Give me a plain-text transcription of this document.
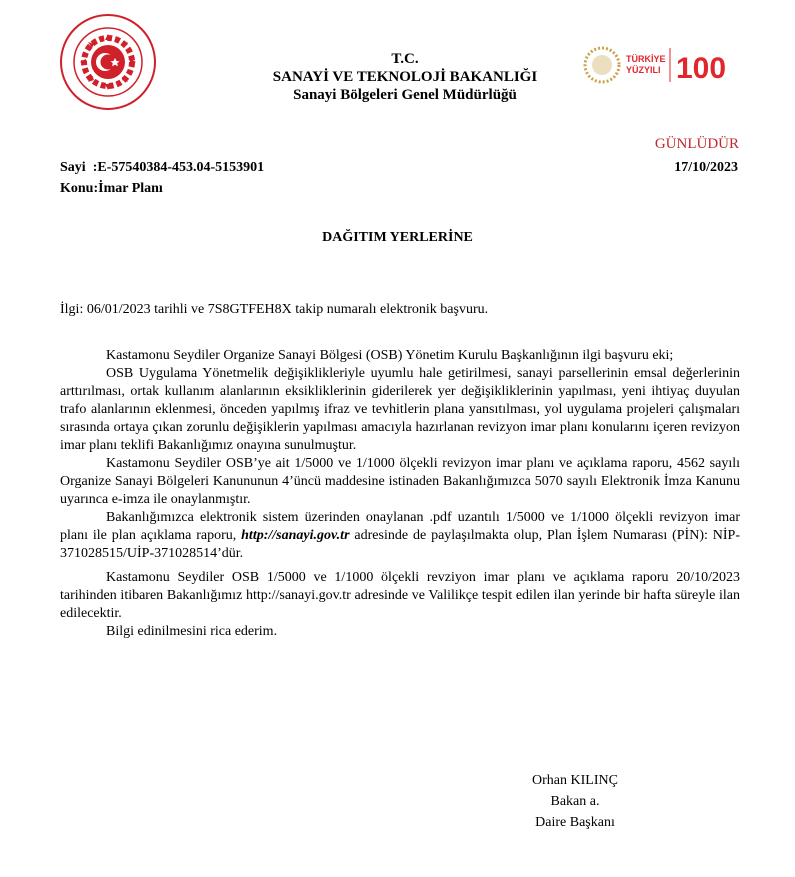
T.C.
SANAYİ VE TEKNOLOJİ BAKANLIĞI
Sanayi Bölgeleri Genel Müdürlüğü
TÜRKİYE
YÜZYILI 100
GÜNLÜDÜR
17/10/2023
Sayi :E-57540384-453.04-5153901
Konu:İmar Planı
DAĞITIM YERLERİNE
İlgi: 06/01/2023 tarihli ve 7S8GTFEH8X takip numaralı elektronik başvuru.

Kastamonu Seydiler Organize Sanayi Bölgesi (OSB) Yönetim Kurulu Başkanlığının ilgi başvuru eki;

OSB Uygulama Yönetmelik değişiklikleriyle uyumlu hale getirilmesi, sanayi parsellerinin emsal değerlerinin arttırılması, ortak kullanım alanlarının eksikliklerinin giderilerek yer değişikliklerinin yapılması, yeni ihtiyaç duyulan trafo alanlarının eklenmesi, önceden yapılmış ifraz ve tevhitlerin plana yansıtılması, yol uygulama projeleri çalışmaları sırasında ortaya çıkan zorunlu değişiklerin yapılması amacıyla hazırlanan revizyon imar planı konularını içeren revizyon imar planı teklifi Bakanlığımız onayına sunulmuştur.

Kastamonu Seydiler OSB’ye ait 1/5000 ve 1/1000 ölçekli revizyon imar planı ve açıklama raporu, 4562 sayılı Organize Sanayi Bölgeleri Kanununun 4’üncü maddesine istinaden Bakanlığımızca 5070 sayılı Elektronik İmza Kanunu uyarınca e-imza ile onaylanmıştır.

Bakanlığımızca elektronik sistem üzerinden onaylanan .pdf uzantılı 1/5000 ve 1/1000 ölçekli revizyon imar planı ile plan açıklama raporu, http://sanayi.gov.tr adresinde de paylaşılmakta olup, Plan İşlem Numarası (PİN): NİP-371028515/UİP-371028514’dür.

Kastamonu Seydiler OSB 1/5000 ve 1/1000 ölçekli revziyon imar planı ve açıklama raporu 20/10/2023 tarihinden itibaren Bakanlığımız http://sanayi.gov.tr adresinde ve Valilikçe tespit edilen ilan yerinde bir hafta süreyle ilan edilecektir.

Bilgi edinilmesini rica ederim.

Orhan KILINÇ
Bakan a.
Daire Başkanı
